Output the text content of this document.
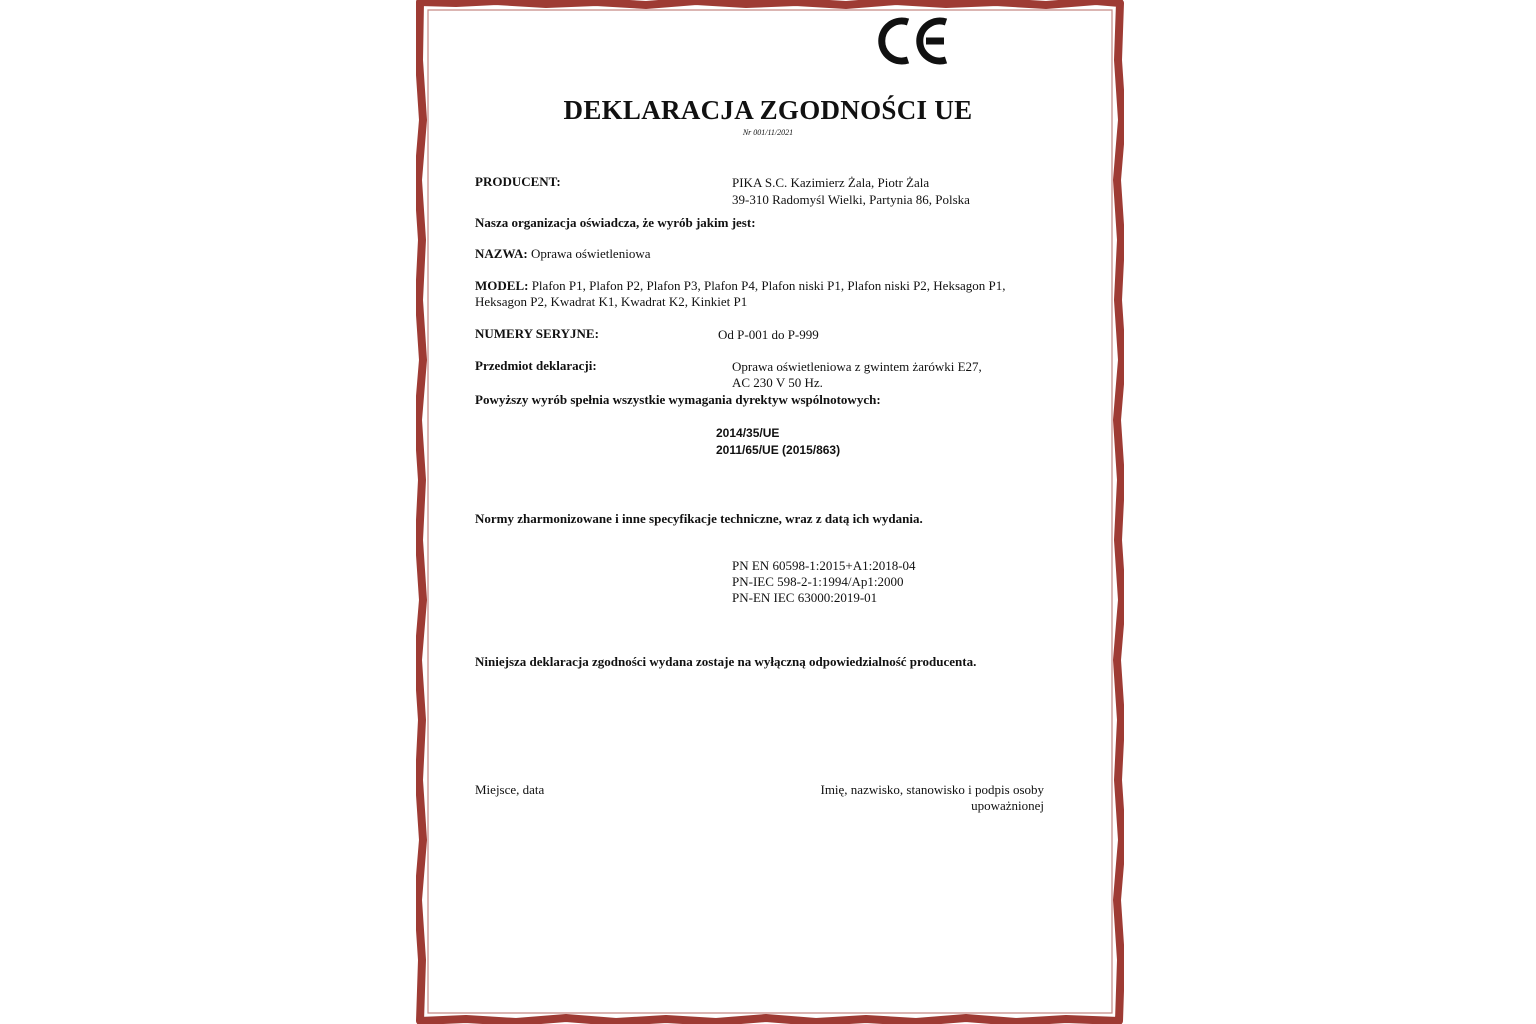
DEKLARACJA ZGODNOŚCI UE
Nr 001/11/2021
PRODUCENT:	PIKA S.C. Kazimierz Żala, Piotr Żala
39-310 Radomyśl Wielki, Partynia 86, Polska
Nasza organizacja oświadcza, że wyrób jakim jest:
NAZWA: Oprawa oświetleniowa
MODEL: Plafon P1, Plafon P2, Plafon P3, Plafon P4, Plafon niski P1, Plafon niski P2, Heksagon P1,
Heksagon P2, Kwadrat K1, Kwadrat K2, Kinkiet P1
NUMERY SERYJNE:	Od P-001 do P-999
Przedmiot deklaracji:	Oprawa oświetleniowa z gwintem żarówki E27,
AC 230 V 50 Hz.
Powyższy wyrób spełnia wszystkie wymagania dyrektyw wspólnotowych:
2014/35/UE
2011/65/UE (2015/863)
Normy zharmonizowane i inne specyfikacje techniczne, wraz z datą ich wydania.
PN EN 60598-1:2015+A1:2018-04
PN-IEC 598-2-1:1994/Ap1:2000
PN-EN IEC 63000:2019-01
Niniejsza deklaracja zgodności wydana zostaje na wyłączną odpowiedzialność producenta.
Miejsce, data	Imię, nazwisko, stanowisko i podpis osoby
upoważnionej
